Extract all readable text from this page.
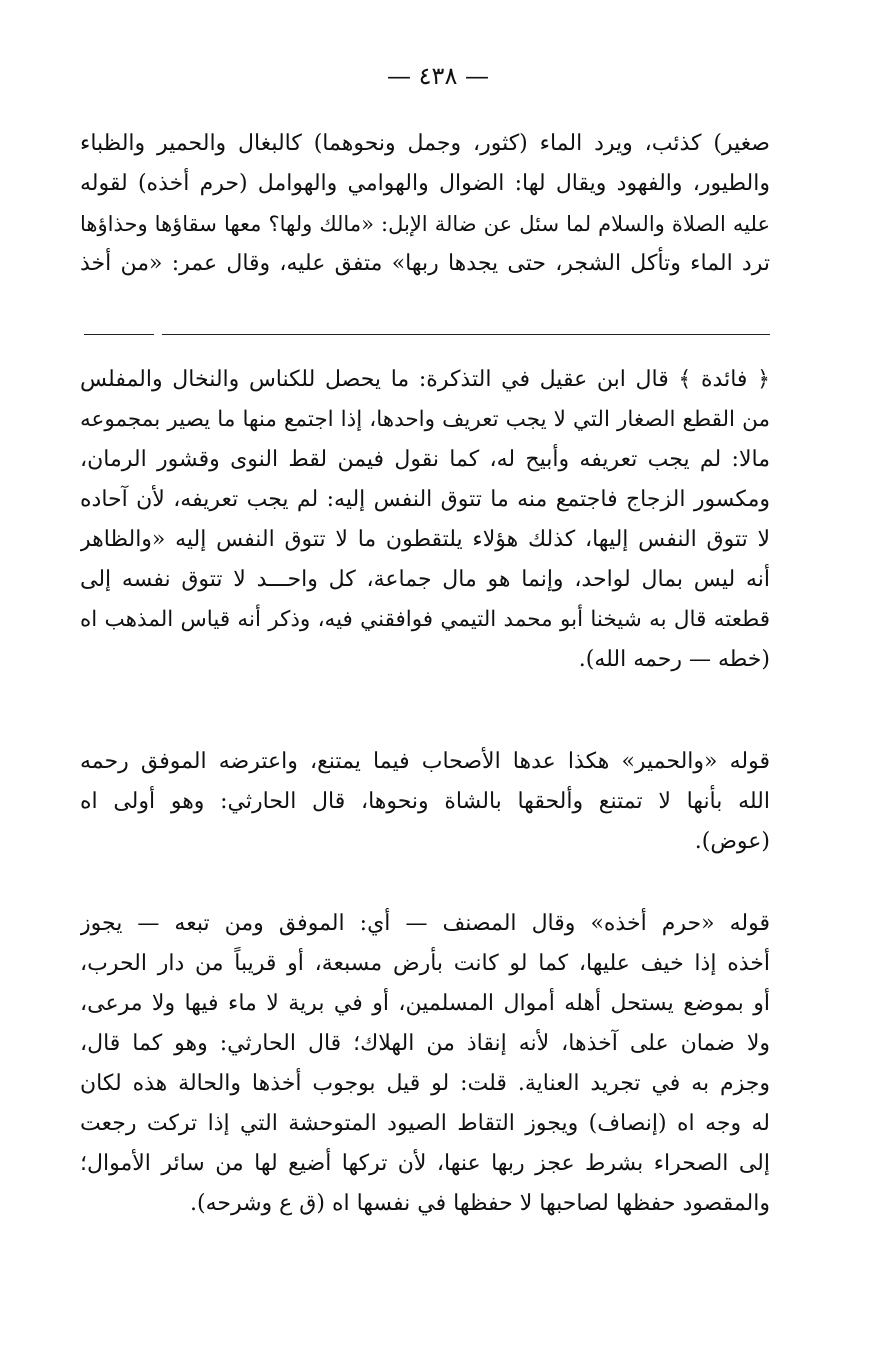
— ٤٣٨ —
صغير) كذئب، ويرد الماء (كثور، وجمل ونحوهما) كالبغال والحمير والظباء
والطيور، والفهود ويقال لها: الضوال والهوامي والهوامل (حرم أخذه) لقوله
عليه الصلاة والسلام لما سئل عن ضالة الإبل: «مالك ولها؟ معها سقاؤها وحذاؤها
ترد الماء وتأكل الشجر، حتى يجدها ربها» متفق عليه، وقال عمر: «من أخذ
﴿ فائدة ﴾ قال ابن عقيل في التذكرة: ما يحصل للكناس والنخال والمفلس
من القطع الصغار التي لا يجب تعريف واحدها، إذا اجتمع منها ما يصير بمجموعه
مالا: لم يجب تعريفه وأبيح له، كما نقول فيمن لقط النوى وقشور الرمان،
ومكسور الزجاج فاجتمع منه ما تتوق النفس إليه: لم يجب تعريفه، لأن آحاده
لا تتوق النفس إليها، كذلك هؤلاء يلتقطون ما لا تتوق النفس إليه «والظاهر
أنه ليس بمال لواحد، وإنما هو مال جماعة، كل واحـــد لا تتوق نفسه إلى
قطعته قال به شيخنا أبو محمد التيمي فوافقني فيه، وذكر أنه قياس المذهب اه
(خطه — رحمه الله).
قوله «والحمير» هكذا عدها الأصحاب فيما يمتنع، واعترضه الموفق رحمه
الله بأنها لا تمتنع وألحقها بالشاة ونحوها، قال الحارثي: وهو أولى اه
(عوض).
قوله «حرم أخذه» وقال المصنف — أي: الموفق ومن تبعه — يجوز
أخذه إذا خيف عليها، كما لو كانت بأرض مسبعة، أو قريباً من دار الحرب،
أو بموضع يستحل أهله أموال المسلمين، أو في برية لا ماء فيها ولا مرعى،
ولا ضمان على آخذها، لأنه إنقاذ من الهلاك؛ قال الحارثي: وهو كما قال،
وجزم به في تجريد العناية. قلت: لو قيل بوجوب أخذها والحالة هذه لكان
له وجه اه (إنصاف) ويجوز التقاط الصيود المتوحشة التي إذا تركت رجعت
إلى الصحراء بشرط عجز ربها عنها، لأن تركها أضيع لها من سائر الأموال؛
والمقصود حفظها لصاحبها لا حفظها في نفسها اه (ق ع وشرحه).
